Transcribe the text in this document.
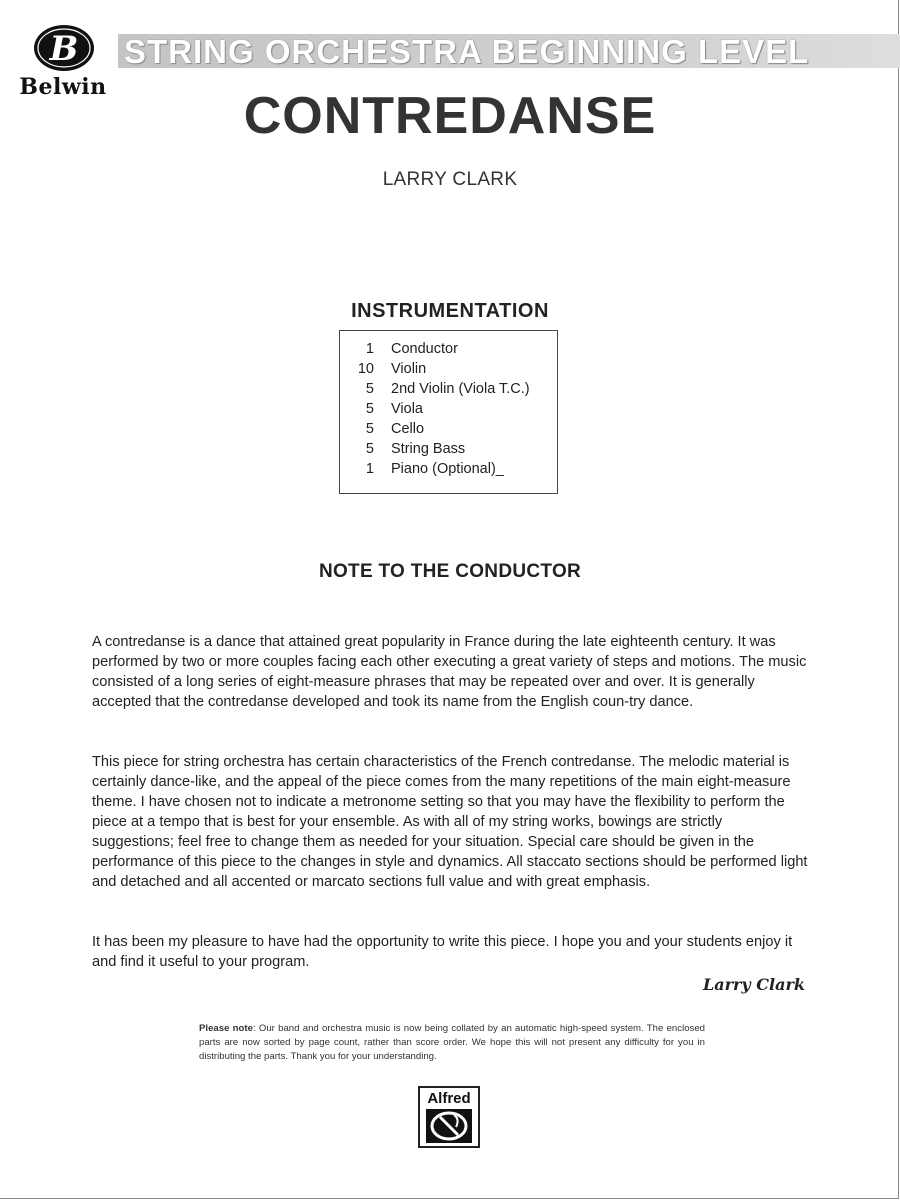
B
Belwin
STRING ORCHESTRA BEGINNING LEVEL
CONTREDANSE
LARRY CLARK
INSTRUMENTATION
1 Conductor
10 Violin
5 2nd Violin (Viola T.C.)
5 Viola
5 Cello
5 String Bass
1 Piano (Optional)_
NOTE TO THE CONDUCTOR

A contredanse is a dance that attained great popularity in France during the late eighteenth century. It was performed by two or more couples facing each other executing a great variety of steps and motions. The music consisted of a long series of eight-measure phrases that may be repeated over and over. It is generally accepted that the contredanse developed and took its name from the English coun-try dance.

This piece for string orchestra has certain characteristics of the French contredanse. The melodic material is certainly dance-like, and the appeal of the piece comes from the many repetitions of the main eight-measure theme. I have chosen not to indicate a metronome setting so that you may have the flexibility to perform the piece at a tempo that is best for your ensemble. As with all of my string works, bowings are strictly suggestions; feel free to change them as needed for your situation. Special care should be given in the performance of this piece to the changes in style and dynamics. All staccato sections should be performed light and detached and all accented or marcato sections full value and with great emphasis.

It has been my pleasure to have had the opportunity to write this piece. I hope you and your students enjoy it and find it useful to your program.

Larry Clark
Please note: Our band and orchestra music is now being collated by an automatic high-speed system. The enclosed parts are now sorted by page count, rather than score order. We hope this will not present any difficulty for you in distributing the parts. Thank you for your understanding.
Alfred
